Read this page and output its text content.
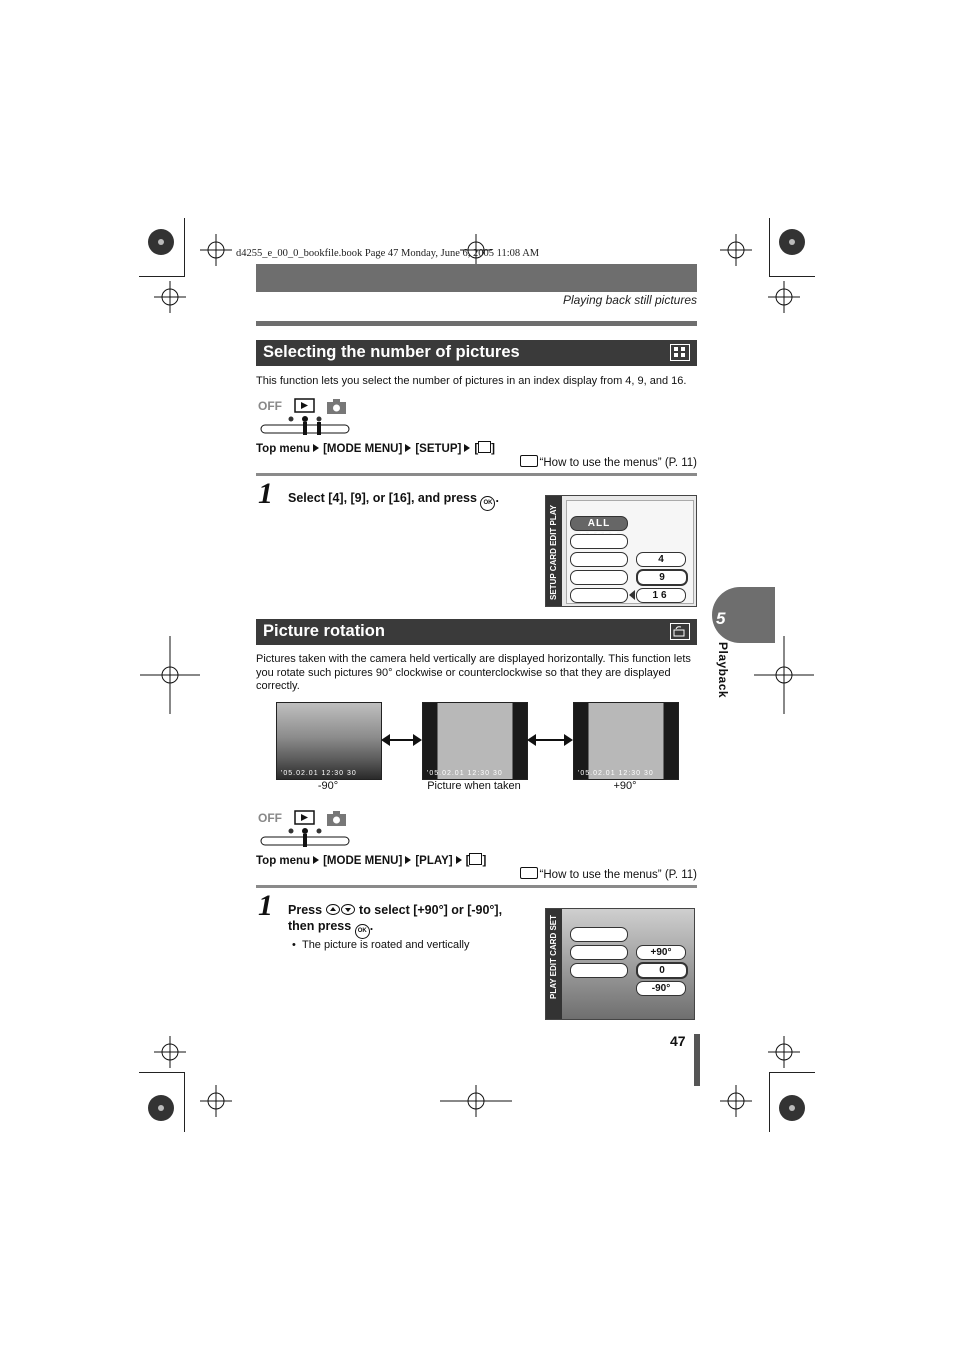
d4255_e_00_0_bookfile.book Page 47 Monday, June 6, 2005 11:08 AM
Playing back still pictures
Selecting the number of pictures
This function lets you select the number of pictures in an index display from 4, 9, and 16.
OFF
Top menu [MODE MENU] [SETUP] [ ]
“How to use the menus” (P. 11)
1 Select [4], [9], or [16], and press OK .
SETUP CARD EDIT PLAY	ALL
4
9
16
Picture rotation
Pictures taken with the camera held vertically are displayed horizontally. This function lets you rotate such pictures 90° clockwise or counterclockwise so that they are displayed correctly.
'05.02.01 12:30 30	'05.02.01 12:30 30	'05.02.01 12:30 30
-90°	Picture when taken	+90°
OFF
Top menu [MODE MENU] [PLAY] [ ]
“How to use the menus” (P. 11)
1 Press	to select [+90°] or [-90°],
then press OK .
•  The picture is roated and vertically	PLAY EDIT CARD SET	+90°
0
-90°
5
Playback
47
